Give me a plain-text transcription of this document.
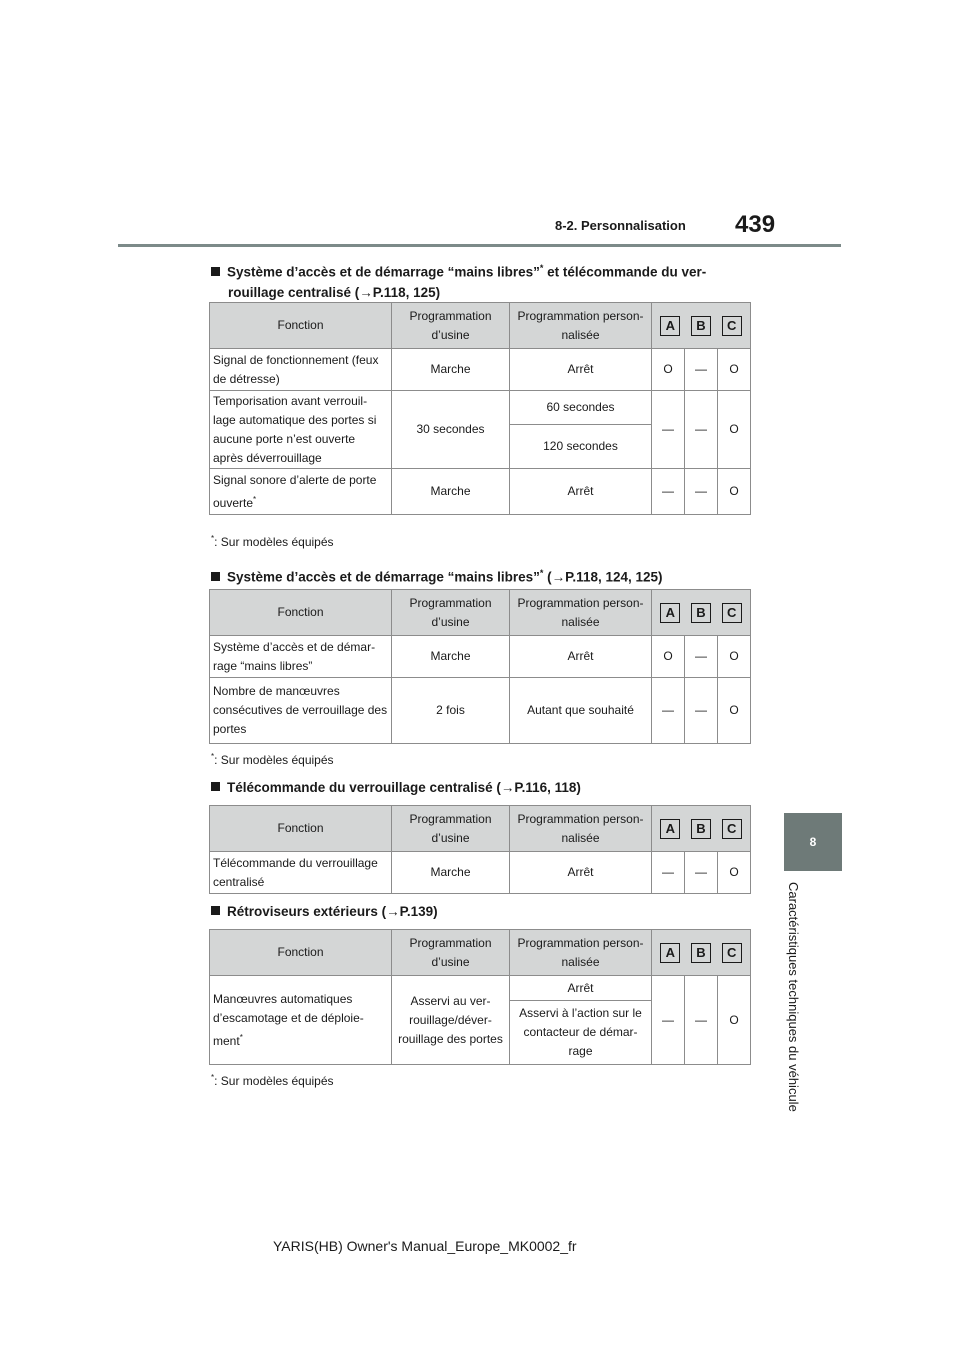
8-2. Personnalisation 439
8
Caractéristiques techniques du véhicule
Système d’accès et de démarrage “mains libres”* et télécommande du ver-
rouillage centralisé (→P.118, 125)
Fonction	Programmation d’usine	Programmation person- nalisée	A B C		

Signal de fonctionnement (feux de détresse)	Marche	Arrêt	O	—	O
Temporisation avant verrouil- lage automatique des portes si aucune porte n’est ouverte après déverrouillage	30 secondes	60 secondes	—	—	O
		120 secondes			
Signal sonore d’alerte de porte ouverte*	Marche	Arrêt	—	—	O
*: Sur modèles équipés
Système d’accès et de démarrage “mains libres”* (→P.118, 124, 125)
Fonction	Programmation d’usine	Programmation person- nalisée	A B C		

Système d’accès et de démar- rage “mains libres”	Marche	Arrêt	O	—	O
Nombre de manœuvres consécutives de verrouillage des portes	2 fois	Autant que souhaité	—	—	O
*: Sur modèles équipés
Télécommande du verrouillage centralisé (→P.116, 118)
Fonction	Programmation d’usine	Programmation person- nalisée	A B C		

Télécommande du verrouillage centralisé	Marche	Arrêt	—	—	O
Rétroviseurs extérieurs (→P.139)
Fonction	Programmation d’usine	Programmation person- nalisée	A B C		

Manœuvres automatiques d’escamotage et de déploie- ment*	Asservi au ver- rouillage/déver- rouillage des portes	Arrêt	—	—	O
		Asservi à l’action sur le contacteur de démar- rage			
*: Sur modèles équipés
YARIS(HB) Owner's Manual_Europe_MK0002_fr
